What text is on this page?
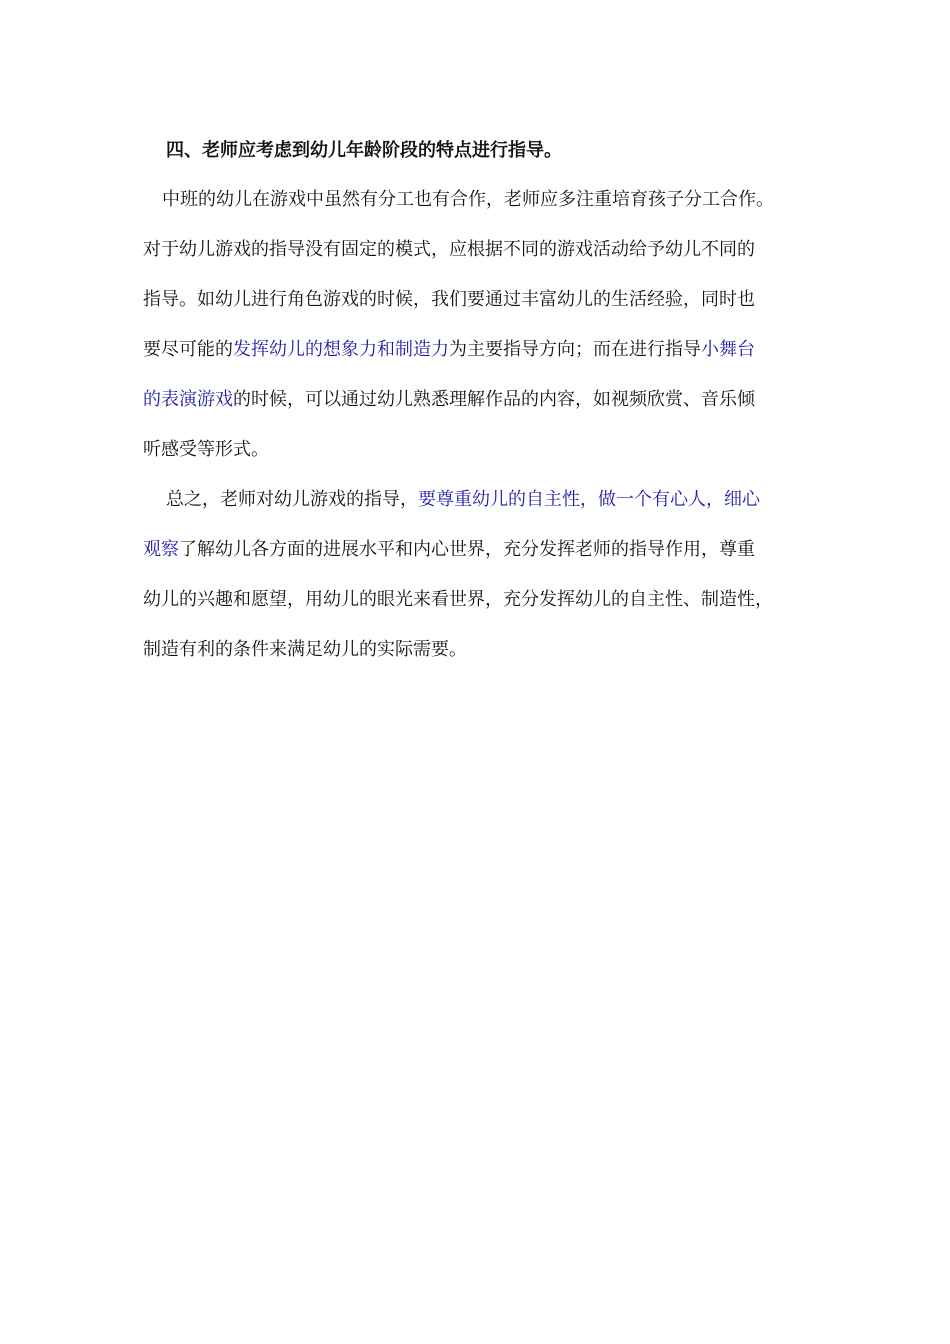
四、老师应考虑到幼儿年龄阶段的特点进行指导。
中班的幼儿在游戏中虽然有分工也有合作，老师应多注重培育孩子分工合作。
对于幼儿游戏的指导没有固定的模式，应根据不同的游戏活动给予幼儿不同的
指导。如幼儿进行角色游戏的时候，我们要通过丰富幼儿的生活经验，同时也
要尽可能的发挥幼儿的想象力和制造力为主要指导方向；而在进行指导小舞台
的表演游戏的时候，可以通过幼儿熟悉理解作品的内容，如视频欣赏、音乐倾
听感受等形式。
总之，老师对幼儿游戏的指导，要尊重幼儿的自主性，做一个有心人，细心
观察了解幼儿各方面的进展水平和内心世界，充分发挥老师的指导作用，尊重
幼儿的兴趣和愿望，用幼儿的眼光来看世界，充分发挥幼儿的自主性、制造性，
制造有利的条件来满足幼儿的实际需要。
